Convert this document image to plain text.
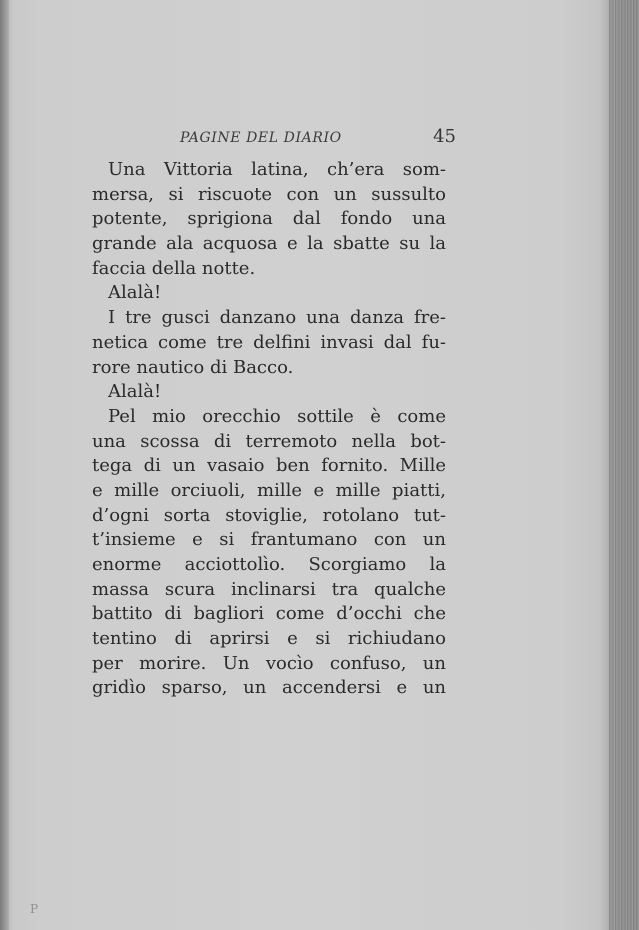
PAGINE DEL DIARIO	45
Una Vittoria latina, ch’era som-
mersa, si riscuote con un sussulto
potente, sprigiona dal fondo una
grande ala acquosa e la sbatte su la
faccia della notte.
Alalà!
I tre gusci danzano una danza fre-
netica come tre delfini invasi dal fu-
rore nautico di Bacco.
Alalà!
Pel mio orecchio sottile è come
una scossa di terremoto nella bot-
tega di un vasaio ben fornito. Mille
e mille orciuoli, mille e mille piatti,
d’ogni sorta stoviglie, rotolano tut-
t’insieme e si frantumano con un
enorme acciottolìo. Scorgiamo la
massa scura inclinarsi tra qualche
battito di bagliori come d’occhi che
tentino di aprirsi e si richiudano
per morire. Un vocìo confuso, un
gridìo sparso, un accendersi e un
P
